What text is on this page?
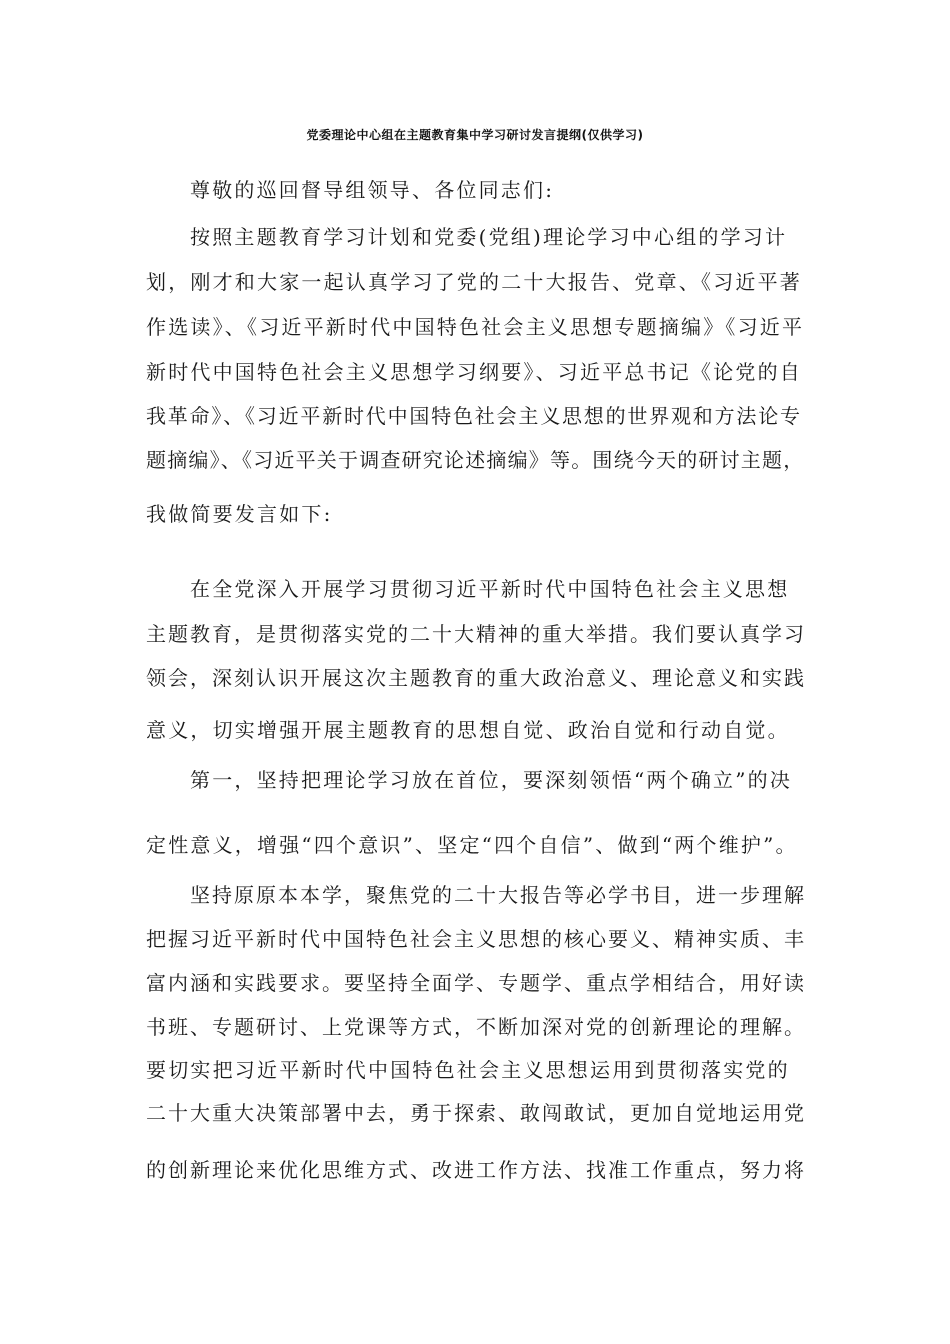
党委理论中心组在主题教育集中学习研讨发言提纲(仅供学习)
尊敬的巡回督导组领导、各位同志们:
按照主题教育学习计划和党委(党组)理论学习中心组的学习计
划，刚才和大家一起认真学习了党的二十大报告、党章、《习近平著
作选读》、《习近平新时代中国特色社会主义思想专题摘编》《习近平
新时代中国特色社会主义思想学习纲要》、习近平总书记《论党的自
我革命》、《习近平新时代中国特色社会主义思想的世界观和方法论专
题摘编》、《习近平关于调查研究论述摘编》等。围绕今天的研讨主题，
我做简要发言如下:
在全党深入开展学习贯彻习近平新时代中国特色社会主义思想
主题教育，是贯彻落实党的二十大精神的重大举措。我们要认真学习
领会，深刻认识开展这次主题教育的重大政治意义、理论意义和实践
意义，切实增强开展主题教育的思想自觉、政治自觉和行动自觉。
第一，坚持把理论学习放在首位，要深刻领悟“两个确立”的决
定性意义，增强“四个意识”、坚定“四个自信”、做到“两个维护”。
坚持原原本本学，聚焦党的二十大报告等必学书目，进一步理解
把握习近平新时代中国特色社会主义思想的核心要义、精神实质、丰
富内涵和实践要求。要坚持全面学、专题学、重点学相结合，用好读
书班、专题研讨、上党课等方式，不断加深对党的创新理论的理解。
要切实把习近平新时代中国特色社会主义思想运用到贯彻落实党的
二十大重大决策部署中去，勇于探索、敢闯敢试，更加自觉地运用党
的创新理论来优化思维方式、改进工作方法、找准工作重点，努力将
